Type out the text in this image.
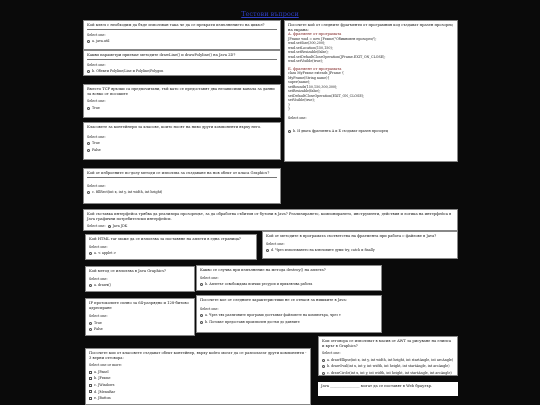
Тестови въпроси
Кой ключ с необходим да бъде използван така че да се прекрати изпълнението на цикъл?
Select one:
a. java.util
Какви параметри приемат методите drawLine() и drawPolyline() на Java 2D?
Select one:
b. Обекти Polyline/Line и Polyline/Polygon
Вместо TCP връзки са предпочитани, тъй като се предоставят два независими канала за данни за всяко от посоките
Select one:
True
Класовете за контейнери за класове, които носят на ниво други компоненти върху него.
Select one:
True
False
Кой от изброените по-долу методи се използва за създаване на нов обект от класа Graphics?
Select one:
c. fillRect(int x, int y, int width, int height)
Кой съставка интерфейса трябва да реализира прозорецът, за да обработва събития от бутони в Java? Реализирането, компонирането, инструменти, действия и логика на интерфейса в Java графични потребителски интерфейси.
Select one: Java JDK
Кой HTML таг може да се използва за поставяне на аплети в една страница?
Select one:
a. < applet >
Кой метод се използва в Java Graphics?
Select one:
a. drawx()
IP протоколите силно за 64-разрядно и 128-битово адресиране
Select one:
True
False
Кой от методите в програмата съответства на фрагмента при работа с файлове в Java?
Select one:
d. Чрез използването на ключовите думи try, catch и finally
Какво се случва при изпълнение на метода destroy() на аплета?
Select one:
b. Аплетът освобождава всички ресурси и приключва работа
Посочете кое от следните характеристики не се отнася за нишките в Java:
Select one:
a. Чрез тях различните програми достъпват файловете на компютъра, чрез т
b. Потокът предоставя произволен достъп до данните
Посочете кой от следните фрагменти от програмния код създават празен прозорец на екрана:
A. фрагмент от програмата
JFrame wnd = new JFrame("Обикновен прозорец");
wnd.setSize(300,200);
wnd.setLocation(150,150);
wnd.setResizable(false);
wnd.setDefaultCloseOperation(JFrame.EXIT_ON_CLOSE);
wnd.setVisible(true);
Б. фрагмент от програмата
class MyFrame extends JFrame {
MyFrame(String name){
super(name);
setBounds(150,150,300,300);
setResizable(false);
setDefaultCloseOperation(EXIT_ON_CLOSE);
setVisible(true);
}
}
Select one:
b. И двата фрагмента А и Б създават празен прозорец
Посочете кои от класовете създават обект контейнер, върху който могат да се разполагат други компоненти - 3 верни отговора:
Select one or more:
a. JPanel
b. JFrame
c. JWindows
d. JMenuBar
e. JButton
Кои отговора се използват в масив от AWT за рисуване на елипса и кръг в Graphics?
Select one:
a. drawEllipse(int x, int y, int width, int height, int startAngle, int arcAngle)
b. drawOval(int x, int y, int width, int height, int startAngle, int arcAngle)
c. drawCircle(int x, int y, int width, int height, int startAngle, int arcAngle)
Java ________________ могат да се поставят в Web браузър.
